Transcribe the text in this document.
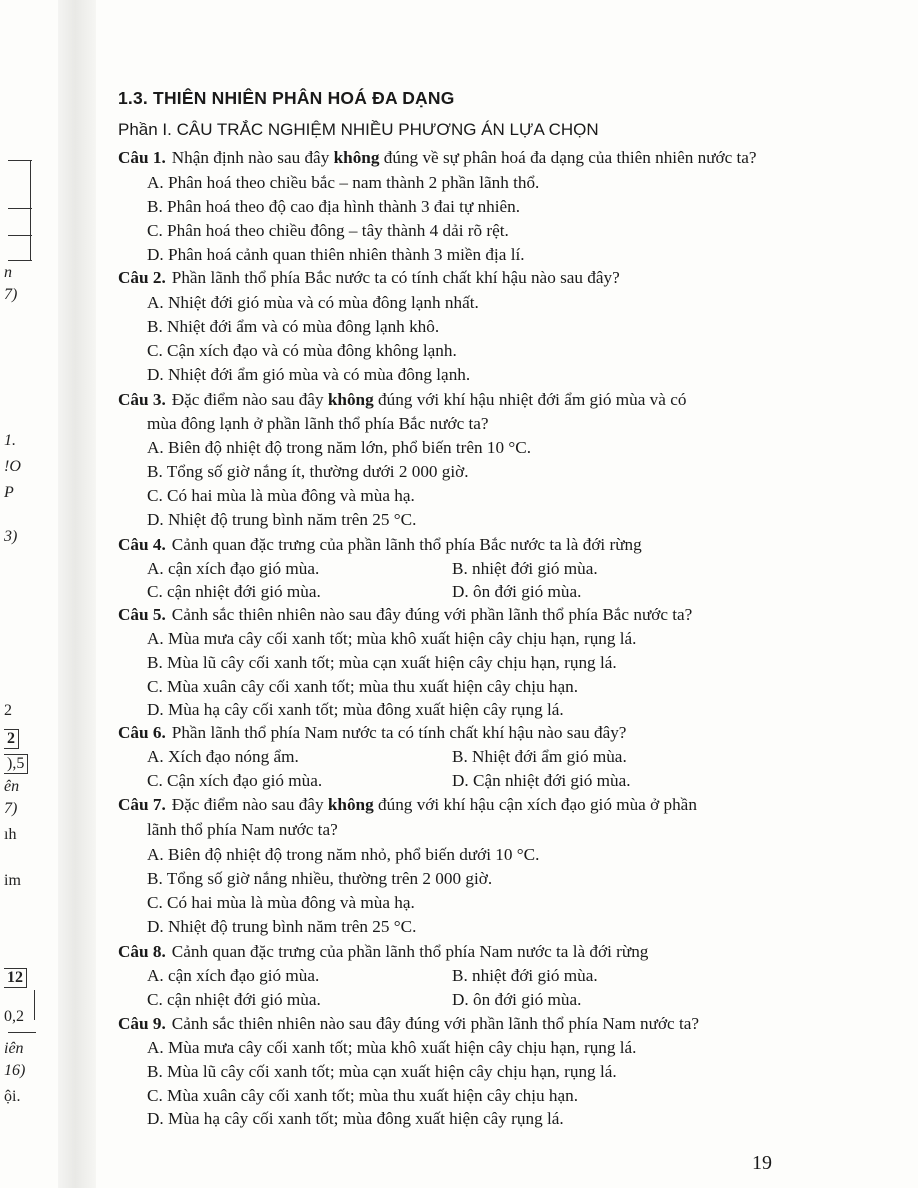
n
7)
1.
!O
P
3)
2
2
),5
ên
7)
ıh
im
12
0,2
iên
16)
ội.
1.3. THIÊN NHIÊN PHÂN HOÁ ĐA DẠNG
Phần I. CÂU TRẮC NGHIỆM NHIỀU PHƯƠNG ÁN LỰA CHỌN
Câu 1. Nhận định nào sau đây không đúng về sự phân hoá đa dạng của thiên nhiên nước ta?
A. Phân hoá theo chiều bắc – nam thành 2 phần lãnh thổ.
B. Phân hoá theo độ cao địa hình thành 3 đai tự nhiên.
C. Phân hoá theo chiều đông – tây thành 4 dải rõ rệt.
D. Phân hoá cảnh quan thiên nhiên thành 3 miền địa lí.
Câu 2. Phần lãnh thổ phía Bắc nước ta có tính chất khí hậu nào sau đây?
A. Nhiệt đới gió mùa và có mùa đông lạnh nhất.
B. Nhiệt đới ẩm và có mùa đông lạnh khô.
C. Cận xích đạo và có mùa đông không lạnh.
D. Nhiệt đới ẩm gió mùa và có mùa đông lạnh.
Câu 3. Đặc điểm nào sau đây không đúng với khí hậu nhiệt đới ẩm gió mùa và có
mùa đông lạnh ở phần lãnh thổ phía Bắc nước ta?
A. Biên độ nhiệt độ trong năm lớn, phổ biến trên 10 °C.
B. Tổng số giờ nắng ít, thường dưới 2 000 giờ.
C. Có hai mùa là mùa đông và mùa hạ.
D. Nhiệt độ trung bình năm trên 25 °C.
Câu 4. Cảnh quan đặc trưng của phần lãnh thổ phía Bắc nước ta là đới rừng
A. cận xích đạo gió mùa.	B. nhiệt đới gió mùa.
C. cận nhiệt đới gió mùa.	D. ôn đới gió mùa.
Câu 5. Cảnh sắc thiên nhiên nào sau đây đúng với phần lãnh thổ phía Bắc nước ta?
A. Mùa mưa cây cối xanh tốt; mùa khô xuất hiện cây chịu hạn, rụng lá.
B. Mùa lũ cây cối xanh tốt; mùa cạn xuất hiện cây chịu hạn, rụng lá.
C. Mùa xuân cây cối xanh tốt; mùa thu xuất hiện cây chịu hạn.
D. Mùa hạ cây cối xanh tốt; mùa đông xuất hiện cây rụng lá.
Câu 6. Phần lãnh thổ phía Nam nước ta có tính chất khí hậu nào sau đây?
A. Xích đạo nóng ẩm.	B. Nhiệt đới ẩm gió mùa.
C. Cận xích đạo gió mùa.	D. Cận nhiệt đới gió mùa.
Câu 7. Đặc điểm nào sau đây không đúng với khí hậu cận xích đạo gió mùa ở phần
lãnh thổ phía Nam nước ta?
A. Biên độ nhiệt độ trong năm nhỏ, phổ biến dưới 10 °C.
B. Tổng số giờ nắng nhiều, thường trên 2 000 giờ.
C. Có hai mùa là mùa đông và mùa hạ.
D. Nhiệt độ trung bình năm trên 25 °C.
Câu 8. Cảnh quan đặc trưng của phần lãnh thổ phía Nam nước ta là đới rừng
A. cận xích đạo gió mùa.	B. nhiệt đới gió mùa.
C. cận nhiệt đới gió mùa.	D. ôn đới gió mùa.
Câu 9. Cảnh sắc thiên nhiên nào sau đây đúng với phần lãnh thổ phía Nam nước ta?
A. Mùa mưa cây cối xanh tốt; mùa khô xuất hiện cây chịu hạn, rụng lá.
B. Mùa lũ cây cối xanh tốt; mùa cạn xuất hiện cây chịu hạn, rụng lá.
C. Mùa xuân cây cối xanh tốt; mùa thu xuất hiện cây chịu hạn.
D. Mùa hạ cây cối xanh tốt; mùa đông xuất hiện cây rụng lá.
19
